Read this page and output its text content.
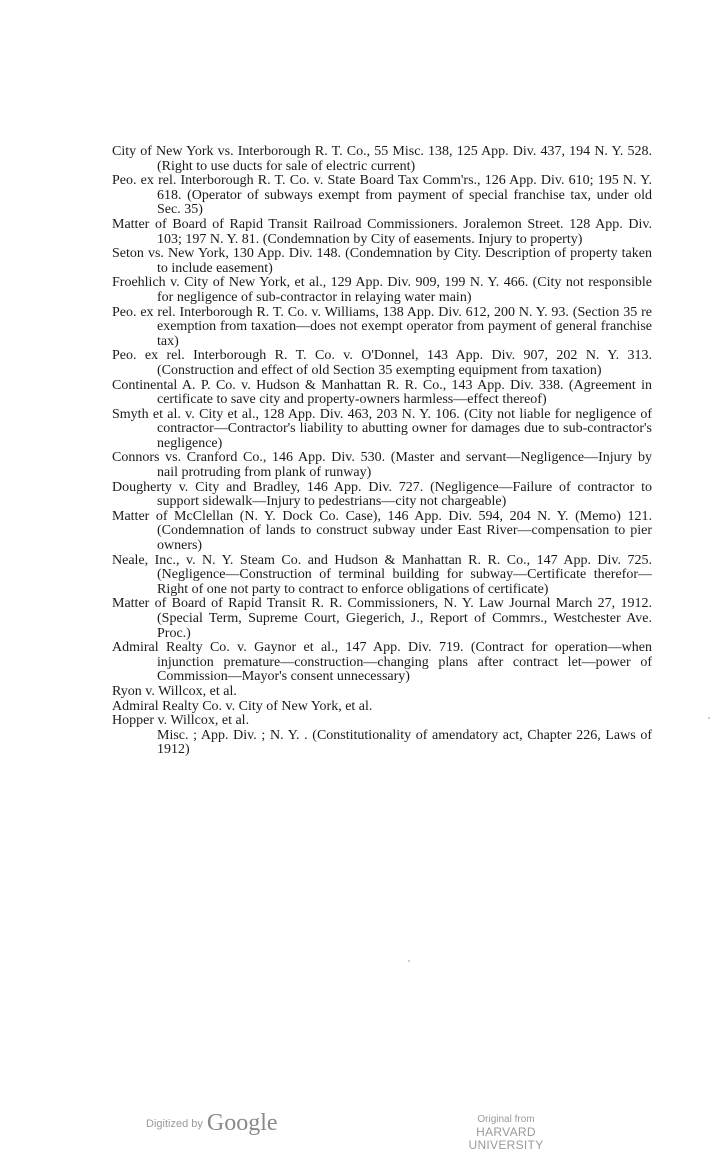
City of New York vs. Interborough R. T. Co., 55 Misc. 138, 125 App. Div. 437, 194 N. Y. 528. (Right to use ducts for sale of electric current)

Peo. ex rel. Interborough R. T. Co. v. State Board Tax Comm'rs., 126 App. Div. 610; 195 N. Y. 618. (Operator of subways exempt from payment of special franchise tax, under old Sec. 35)

Matter of Board of Rapid Transit Railroad Commissioners. Joralemon Street. 128 App. Div. 103; 197 N. Y. 81. (Condemnation by City of easements. Injury to property)

Seton vs. New York, 130 App. Div. 148. (Condemnation by City. Description of property taken to include easement)

Froehlich v. City of New York, et al., 129 App. Div. 909, 199 N. Y. 466. (City not responsible for negligence of sub-contractor in relaying water main)

Peo. ex rel. Interborough R. T. Co. v. Williams, 138 App. Div. 612, 200 N. Y. 93. (Section 35 re exemption from taxation—does not exempt operator from payment of general franchise tax)

Peo. ex rel. Interborough R. T. Co. v. O'Donnel, 143 App. Div. 907, 202 N. Y. 313. (Construction and effect of old Section 35 exempting equipment from taxation)

Continental A. P. Co. v. Hudson & Manhattan R. R. Co., 143 App. Div. 338. (Agreement in certificate to save city and property-owners harmless—effect thereof)

Smyth et al. v. City et al., 128 App. Div. 463, 203 N. Y. 106. (City not liable for negligence of contractor—Contractor's liability to abutting owner for damages due to sub-contractor's negligence)

Connors vs. Cranford Co., 146 App. Div. 530. (Master and servant—Negligence—Injury by nail protruding from plank of runway)

Dougherty v. City and Bradley, 146 App. Div. 727. (Negligence—Failure of contractor to support sidewalk—Injury to pedestrians—city not chargeable)

Matter of McClellan (N. Y. Dock Co. Case), 146 App. Div. 594, 204 N. Y. (Memo) 121. (Condemnation of lands to construct subway under East River—compensation to pier owners)

Neale, Inc., v. N. Y. Steam Co. and Hudson & Manhattan R. R. Co., 147 App. Div. 725. (Negligence—Construction of terminal building for subway—Certificate therefor—Right of one not party to contract to enforce obligations of certificate)

Matter of Board of Rapid Transit R. R. Commissioners, N. Y. Law Journal March 27, 1912. (Special Term, Supreme Court, Giegerich, J., Report of Commrs., Westchester Ave. Proc.)

Admiral Realty Co. v. Gaynor et al., 147 App. Div. 719. (Contract for operation—when injunction premature—construction—changing plans after contract let—power of Commission—Mayor's consent unnecessary)

Ryon v. Willcox, et al.

Admiral Realty Co. v. City of New York, et al.

Hopper v. Willcox, et al.

Misc. ; App. Div. ; N. Y. . (Constitutionality of amendatory act, Chapter 226, Laws of 1912)

Digitized by Google	Original from
HARVARD UNIVERSITY
